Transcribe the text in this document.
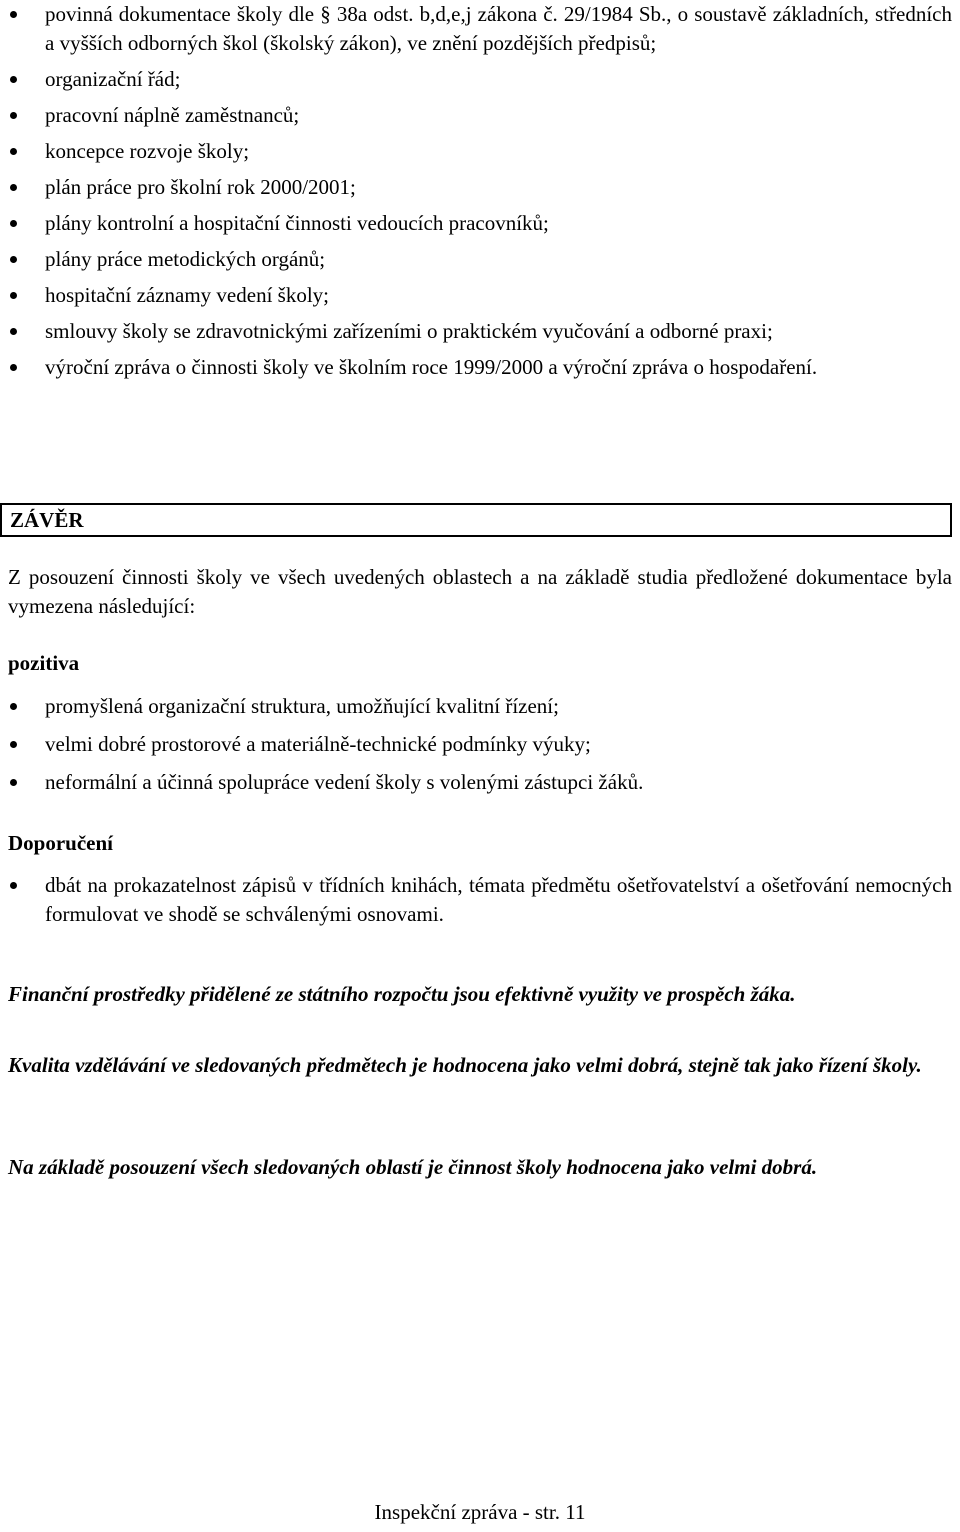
povinná dokumentace školy dle § 38a odst. b,d,e,j zákona č. 29/1984 Sb., o soustavě základních, středních a vyšších odborných škol (školský zákon), ve znění pozdějších předpisů;
organizační řád;
pracovní náplně zaměstnanců;
koncepce rozvoje školy;
plán práce pro školní rok 2000/2001;
plány kontrolní a hospitační činnosti vedoucích pracovníků;
plány práce metodických orgánů;
hospitační záznamy vedení školy;
smlouvy školy se zdravotnickými zařízeními o praktickém vyučování a odborné praxi;
výroční zpráva o činnosti školy ve školním roce 1999/2000 a výroční zpráva o hospodaření.
ZÁVĚR

Z posouzení činnosti školy ve všech uvedených oblastech a na základě studia předložené dokumentace byla vymezena následující:

pozitiva

promyšlená organizační struktura, umožňující kvalitní řízení;
velmi dobré prostorové a materiálně-technické podmínky výuky;
neformální a účinná spolupráce vedení školy s volenými zástupci žáků.

Doporučení

dbát na prokazatelnost zápisů v třídních knihách, témata předmětu ošetřovatelství a ošetřování nemocných formulovat ve shodě se schválenými osnovami.

Finanční prostředky přidělené ze státního rozpočtu jsou efektivně využity ve prospěch žáka.

Kvalita vzdělávání ve sledovaných předmětech je hodnocena jako velmi dobrá, stejně tak jako řízení školy.

Na základě posouzení všech sledovaných oblastí je činnost školy hodnocena jako velmi dobrá.

Inspekční zpráva - str. 11
